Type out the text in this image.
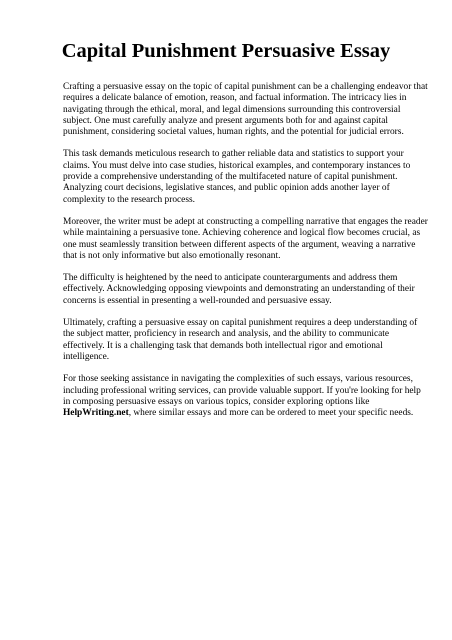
Capital Punishment Persuasive Essay

Crafting a persuasive essay on the topic of capital punishment can be a challenging endeavor that
requires a delicate balance of emotion, reason, and factual information. The intricacy lies in
navigating through the ethical, moral, and legal dimensions surrounding this controversial
subject. One must carefully analyze and present arguments both for and against capital
punishment, considering societal values, human rights, and the potential for judicial errors.

This task demands meticulous research to gather reliable data and statistics to support your
claims. You must delve into case studies, historical examples, and contemporary instances to
provide a comprehensive understanding of the multifaceted nature of capital punishment.
Analyzing court decisions, legislative stances, and public opinion adds another layer of
complexity to the research process.

Moreover, the writer must be adept at constructing a compelling narrative that engages the reader
while maintaining a persuasive tone. Achieving coherence and logical flow becomes crucial, as
one must seamlessly transition between different aspects of the argument, weaving a narrative
that is not only informative but also emotionally resonant.

The difficulty is heightened by the need to anticipate counterarguments and address them
effectively. Acknowledging opposing viewpoints and demonstrating an understanding of their
concerns is essential in presenting a well-rounded and persuasive essay.

Ultimately, crafting a persuasive essay on capital punishment requires a deep understanding of
the subject matter, proficiency in research and analysis, and the ability to communicate
effectively. It is a challenging task that demands both intellectual rigor and emotional
intelligence.

For those seeking assistance in navigating the complexities of such essays, various resources,
including professional writing services, can provide valuable support. If you're looking for help
in composing persuasive essays on various topics, consider exploring options like
HelpWriting.net, where similar essays and more can be ordered to meet your specific needs.
